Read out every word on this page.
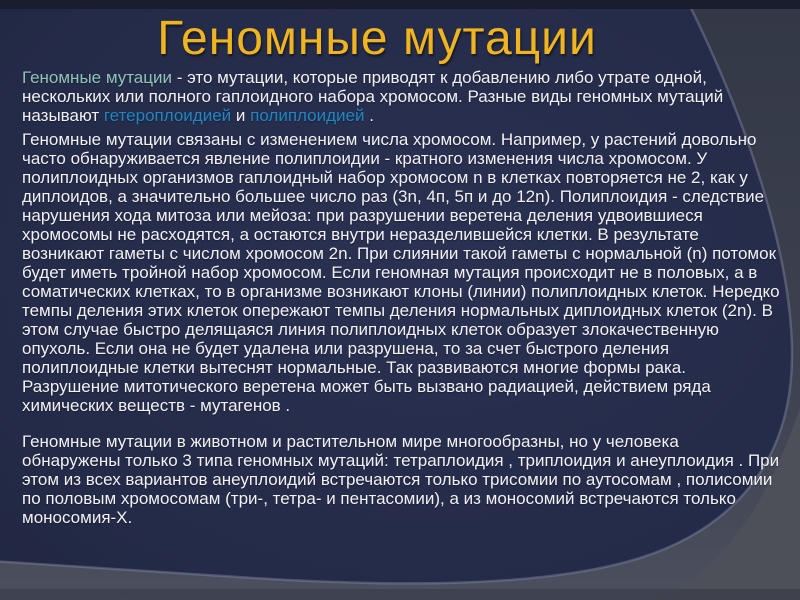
Геномные мутации

Геномные мутации - это мутации, которые приводят к добавлению либо утрате одной, нескольких или полного гаплоидного набора хромосом. Разные виды геномных мутаций называют гетероплоидией и полиплоидией .

Геномные мутации связаны с изменением числа хромосом. Например, у растений довольно часто обнаруживается явление полиплоидии - кратного изменения числа хромосом. У полиплоидных организмов гаплоидный набор хромосом n в клетках повторяется не 2, как у диплоидов, а значительно большее число раз (3n, 4п, 5п и до 12n). Полиплоидия - следствие нарушения хода митоза или мейоза: при разрушении веретена деления удвоившиеся хромосомы не расходятся, а остаются внутри неразделившейся клетки. В результате возникают гаметы с числом хромосом 2n. При слиянии такой гаметы с нормальной (n) потомок будет иметь тройной набор хромосом. Если геномная мутация происходит не в половых, а в соматических клетках, то в организме возникают клоны (линии) полиплоидных клеток. Нередко темпы деления этих клеток опережают темпы деления нормальных диплоидных клеток (2n). В этом случае быстро делящаяся линия полиплоидных клеток образует злокачественную опухоль. Если она не будет удалена или разрушена, то за счет быстрого деления полиплоидные клетки вытеснят нормальные. Так развиваются многие формы рака. Разрушение митотического веретена может быть вызвано радиацией, действием ряда химических веществ - мутагенов .

Геномные мутации в животном и растительном мире многообразны, но у человека обнаружены только 3 типа геномных мутаций: тетраплоидия , триплоидия и анеуплоидия . При этом из всех вариантов анеуплоидий встречаются только трисомии по аутосомам , полисомии по половым хромосомам (три-, тетра- и пентасомии), а из моносомий встречаются только моносомия-Х.
